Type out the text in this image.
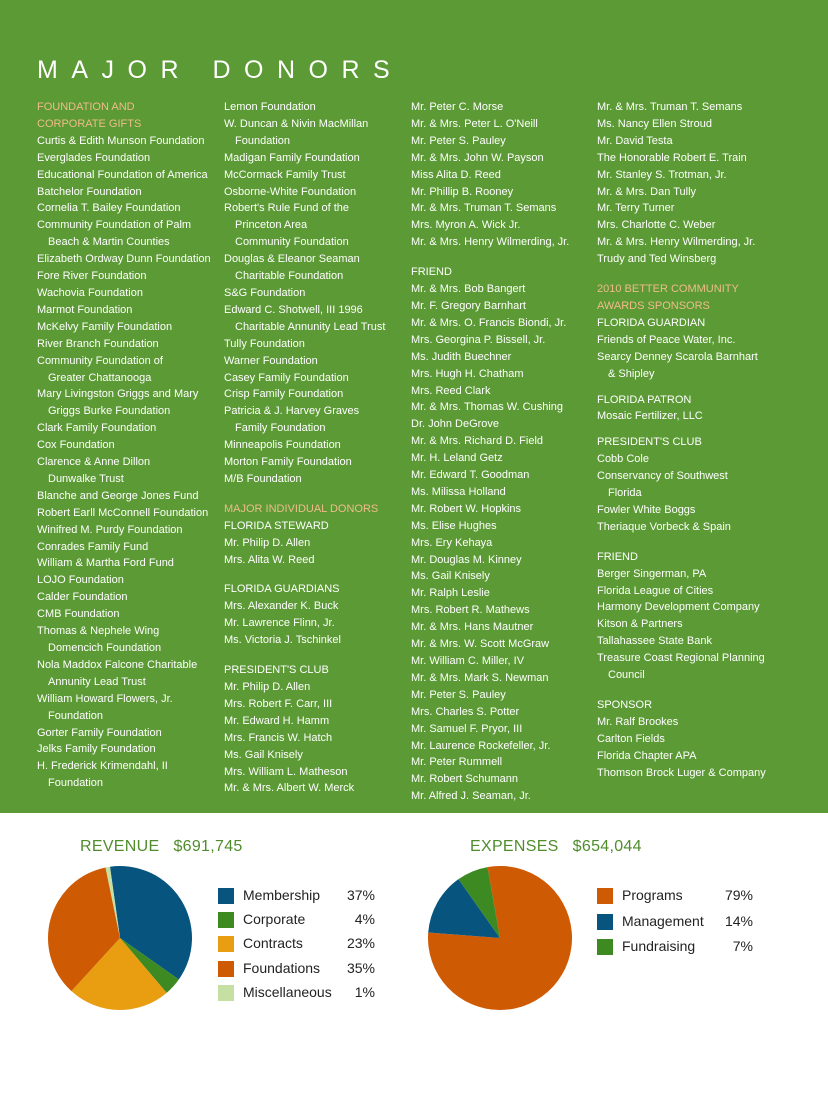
MAJOR DONORS
FOUNDATION AND
CORPORATE GIFTS
Curtis & Edith Munson Foundation
Everglades Foundation
Educational Foundation of America
Batchelor Foundation
Cornelia T. Bailey Foundation
Community Foundation of Palm
Beach & Martin Counties
Elizabeth Ordway Dunn Foundation
Fore River Foundation
Wachovia Foundation
Marmot Foundation
McKelvy Family Foundation
River Branch Foundation
Community Foundation of
Greater Chattanooga
Mary Livingston Griggs and Mary
Griggs Burke Foundation
Clark Family Foundation
Cox Foundation
Clarence & Anne Dillon
Dunwalke Trust
Blanche and George Jones Fund
Robert Earll McConnell Foundation
Winifred M. Purdy Foundation
Conrades Family Fund
William & Martha Ford Fund
LOJO Foundation
Calder Foundation
CMB Foundation
Thomas & Nephele Wing
Domencich Foundation
Nola Maddox Falcone Charitable
Annunity Lead Trust
William Howard Flowers, Jr.
Foundation
Gorter Family Foundation
Jelks Family Foundation
H. Frederick Krimendahl, II
Foundation
Lemon Foundation
W. Duncan & Nivin MacMillan
Foundation
Madigan Family Foundation
McCormack Family Trust
Osborne-White Foundation
Robert's Rule Fund of the
Princeton Area
Community Foundation
Douglas & Eleanor Seaman
Charitable Foundation
S&G Foundation
Edward C. Shotwell, III 1996
Charitable Annunity Lead Trust
Tully Foundation
Warner Foundation
Casey Family Foundation
Crisp Family Foundation
Patricia & J. Harvey Graves
Family Foundation
Minneapolis Foundation
Morton Family Foundation
M/B Foundation
MAJOR INDIVIDUAL DONORS
FLORIDA STEWARD
Mr. Philip D. Allen
Mrs. Alita W. Reed
FLORIDA GUARDIANS
Mrs. Alexander K. Buck
Mr. Lawrence Flinn, Jr.
Ms. Victoria J. Tschinkel
PRESIDENT'S CLUB
Mr. Philip D. Allen
Mrs. Robert F. Carr, III
Mr. Edward H. Hamm
Mrs. Francis W. Hatch
Ms. Gail Knisely
Mrs. William L. Matheson
Mr. & Mrs. Albert W. Merck
Mr. Peter C. Morse
Mr. & Mrs. Peter L. O'Neill
Mr. Peter S. Pauley
Mr. & Mrs. John W. Payson
Miss Alita D. Reed
Mr. Phillip B. Rooney
Mr. & Mrs. Truman T. Semans
Mrs. Myron A. Wick Jr.
Mr. & Mrs. Henry Wilmerding, Jr.
FRIEND
Mr. & Mrs. Bob Bangert
Mr. F. Gregory Barnhart
Mr. & Mrs. O. Francis Biondi, Jr.
Mrs. Georgina P. Bissell, Jr.
Ms. Judith Buechner
Mrs. Hugh H. Chatham
Mrs. Reed Clark
Mr. & Mrs. Thomas W. Cushing
Dr. John DeGrove
Mr. & Mrs. Richard D. Field
Mr. H. Leland Getz
Mr. Edward T. Goodman
Ms. Milissa Holland
Mr. Robert W. Hopkins
Ms. Elise Hughes
Mrs. Ery Kehaya
Mr. Douglas M. Kinney
Ms. Gail Knisely
Mr. Ralph Leslie
Mrs. Robert R. Mathews
Mr. & Mrs. Hans Mautner
Mr. & Mrs. W. Scott McGraw
Mr. William C. Miller, IV
Mr. & Mrs. Mark S. Newman
Mr. Peter S. Pauley
Mrs. Charles S. Potter
Mr. Samuel F. Pryor, III
Mr. Laurence Rockefeller, Jr.
Mr. Peter Rummell
Mr. Robert Schumann
Mr. Alfred J. Seaman, Jr.
Mr. & Mrs. Truman T. Semans
Ms. Nancy Ellen Stroud
Mr. David Testa
The Honorable Robert E. Train
Mr. Stanley S. Trotman, Jr.
Mr. & Mrs. Dan Tully
Mr. Terry Turner
Mrs. Charlotte C. Weber
Mr. & Mrs. Henry Wilmerding, Jr.
Trudy and Ted Winsberg
2010 BETTER COMMUNITY
AWARDS SPONSORS
FLORIDA GUARDIAN
Friends of Peace Water, Inc.
Searcy Denney Scarola Barnhart
& Shipley
FLORIDA PATRON
Mosaic Fertilizer, LLC
PRESIDENT'S CLUB
Cobb Cole
Conservancy of Southwest
Florida
Fowler White Boggs
Theriaque Vorbeck & Spain
FRIEND
Berger Singerman, PA
Florida League of Cities
Harmony Development Company
Kitson & Partners
Tallahassee State Bank
Treasure Coast Regional Planning
Council
SPONSOR
Mr. Ralf Brookes
Carlton Fields
Florida Chapter APA
Thomson Brock Luger & Company
REVENUE $691,745	EXPENSES $654,044
Membership	37%
Corporate	4%
Contracts	23%
Foundations	35%
Miscellaneous	1%
Programs	79%
Management	14%
Fundraising	7%
